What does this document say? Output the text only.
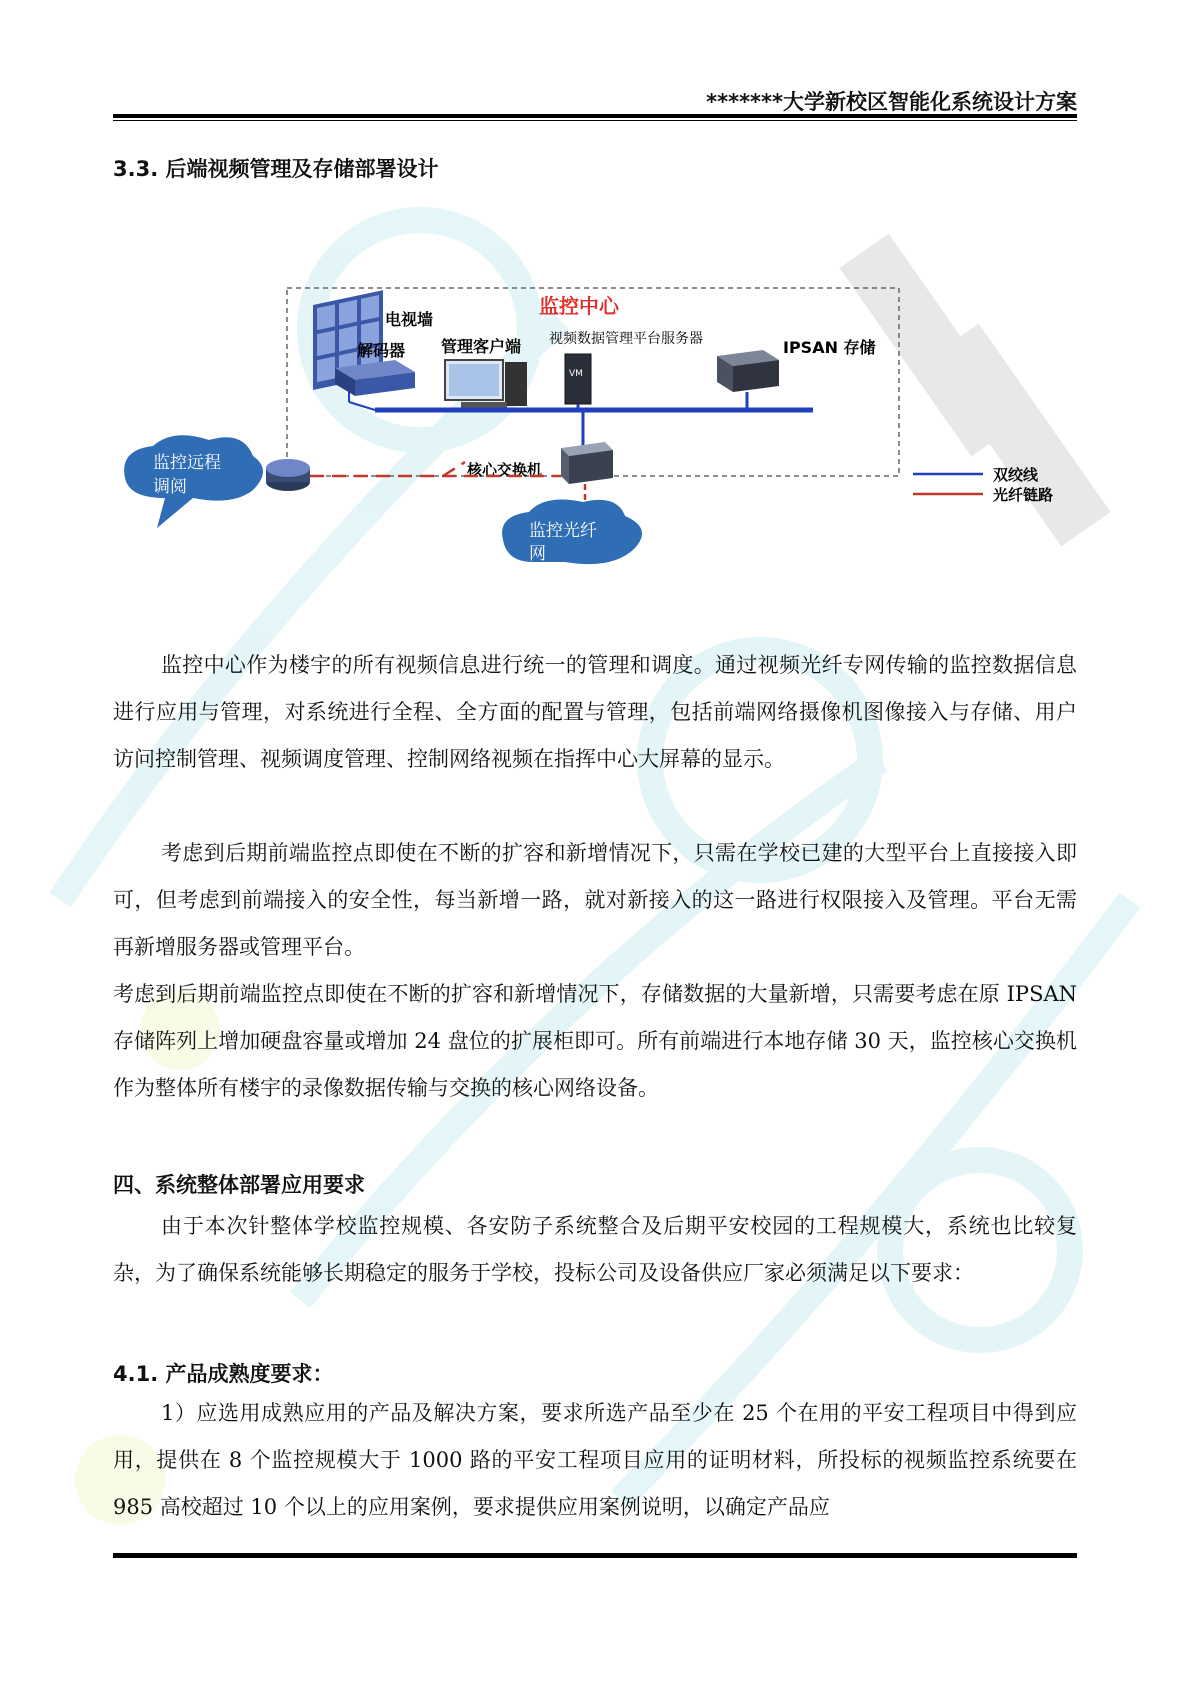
*******大学新校区智能化系统设计方案
3.3. 后端视频管理及存储部署设计
监控中心
电视墙
解码器 管理客户端 视频数据管理平台服务器
VM
IPSAN 存储
核心交换机
监控远程
调阅
监控光纤
网
双绞线
光纤链路

监控中心作为楼宇的所有视频信息进行统一的管理和调度。通过视频光纤专网传输的监控数据信息进行应用与管理，对系统进行全程、全方面的配置与管理，包括前端网络摄像机图像接入与存储、用户访问控制管理、视频调度管理、控制网络视频在指挥中心大屏幕的显示。

考虑到后期前端监控点即使在不断的扩容和新增情况下，只需在学校已建的大型平台上直接接入即可，但考虑到前端接入的安全性，每当新增一路，就对新接入的这一路进行权限接入及管理。平台无需再新增服务器或管理平台。

考虑到后期前端监控点即使在不断的扩容和新增情况下，存储数据的大量新增，只需要考虑在原 IPSAN 存储阵列上增加硬盘容量或增加 24 盘位的扩展柜即可。所有前端进行本地存储 30 天，监控核心交换机作为整体所有楼宇的录像数据传输与交换的核心网络设备。

四、系统整体部署应用要求

由于本次针整体学校监控规模、各安防子系统整合及后期平安校园的工程规模大，系统也比较复杂，为了确保系统能够长期稳定的服务于学校，投标公司及设备供应厂家必须满足以下要求：

4.1. 产品成熟度要求：

1）应选用成熟应用的产品及解决方案，要求所选产品至少在 25 个在用的平安工程项目中得到应用，提供在 8 个监控规模大于 1000 路的平安工程项目应用的证明材料，所投标的视频监控系统要在 985 高校超过 10 个以上的应用案例，要求提供应用案例说明，以确定产品应
